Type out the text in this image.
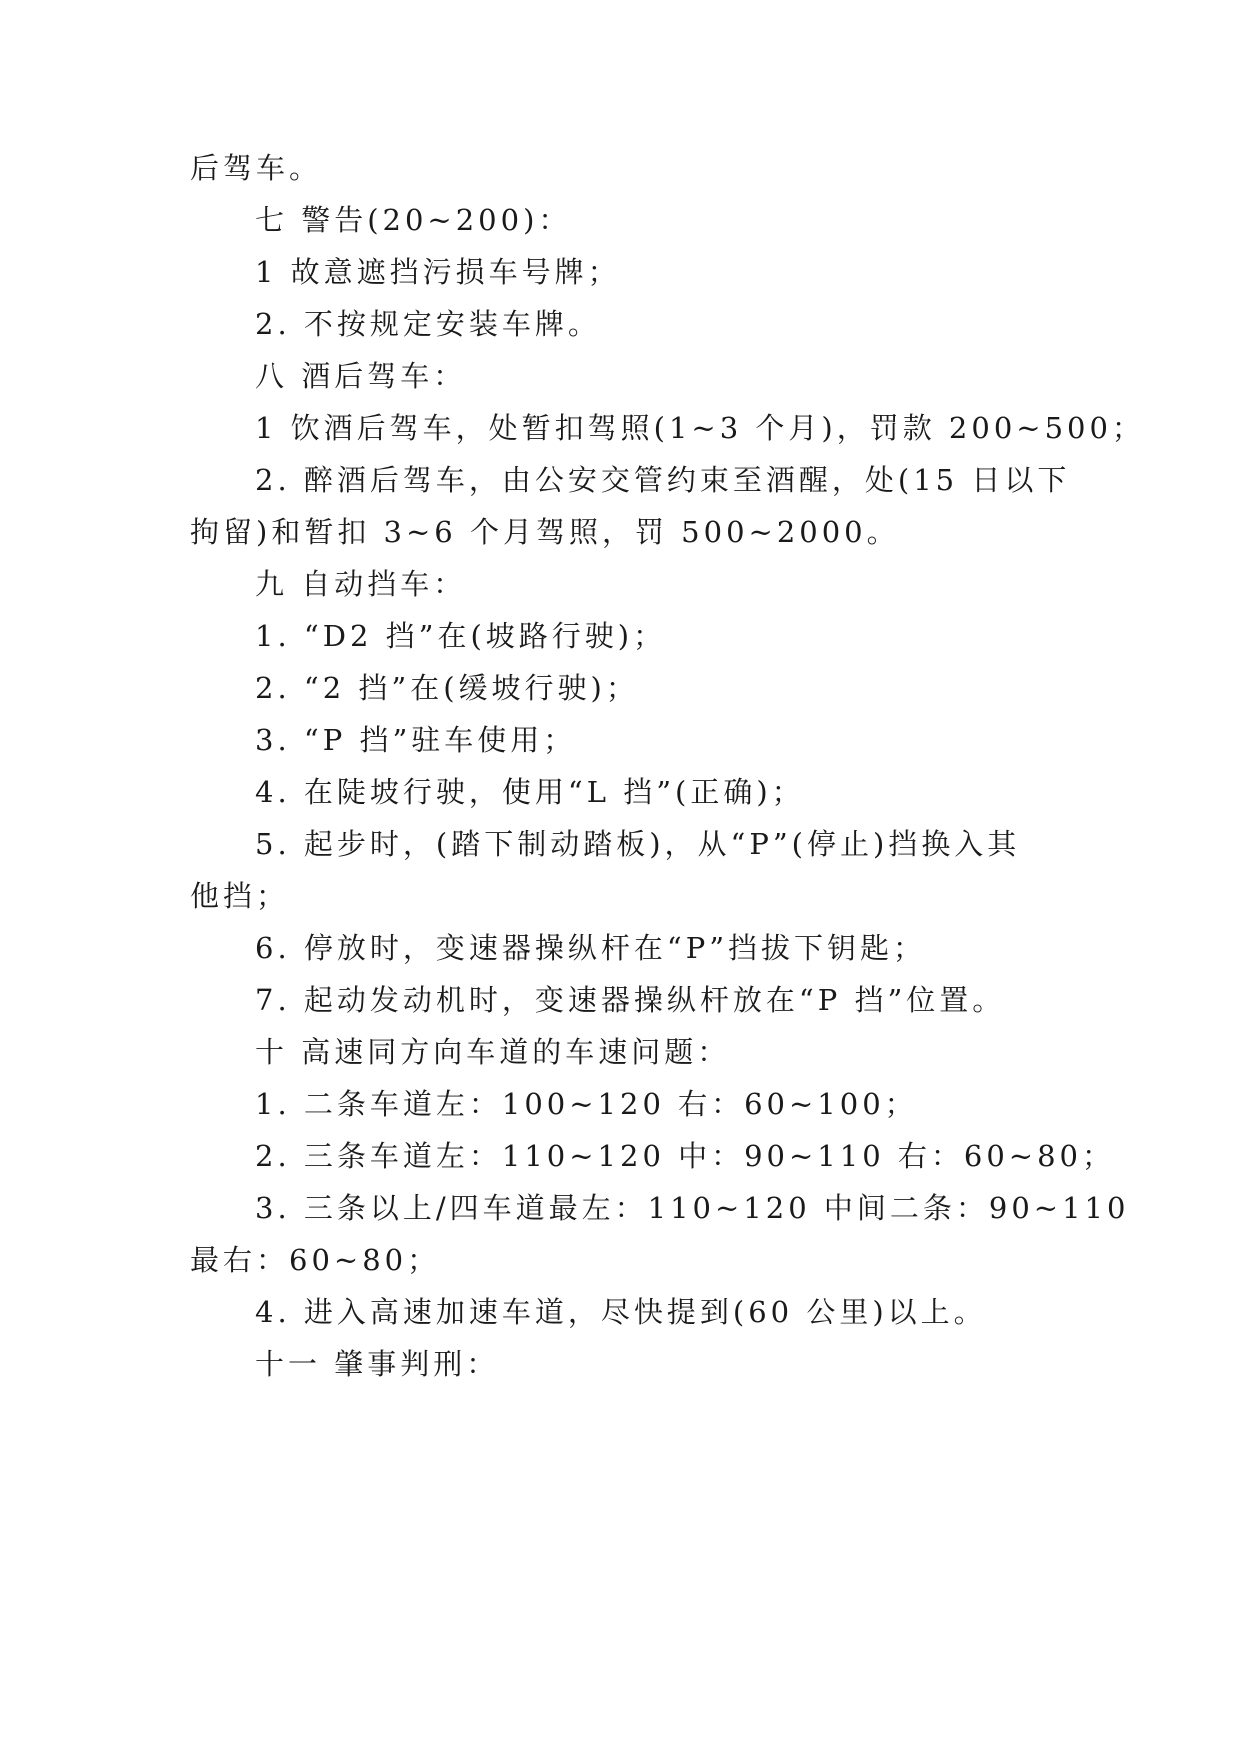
后驾车。
七 警告(20~200)：
1 故意遮挡污损车号牌；
2. 不按规定安装车牌。
八 酒后驾车：
1 饮酒后驾车，处暂扣驾照(1~3 个月)，罚款 200~500；
2. 醉酒后驾车，由公安交管约束至酒醒，处(15 日以下
拘留)和暂扣 3~6 个月驾照，罚 500~2000。
九 自动挡车：
1. “D2 挡”在(坡路行驶)；
2. “2 挡”在(缓坡行驶)；
3. “P 挡”驻车使用；
4. 在陡坡行驶，使用“L 挡”(正确)；
5. 起步时，(踏下制动踏板)，从“P”(停止)挡换入其
他挡；
6. 停放时，变速器操纵杆在“P”挡拔下钥匙；
7. 起动发动机时，变速器操纵杆放在“P 挡”位置。
十 高速同方向车道的车速问题：
1. 二条车道左：100~120 右：60~100；
2. 三条车道左：110~120 中：90~110 右：60~80；
3. 三条以上/四车道最左：110~120 中间二条：90~110
最右：60~80；
4. 进入高速加速车道，尽快提到(60 公里)以上。
十一 肇事判刑：
